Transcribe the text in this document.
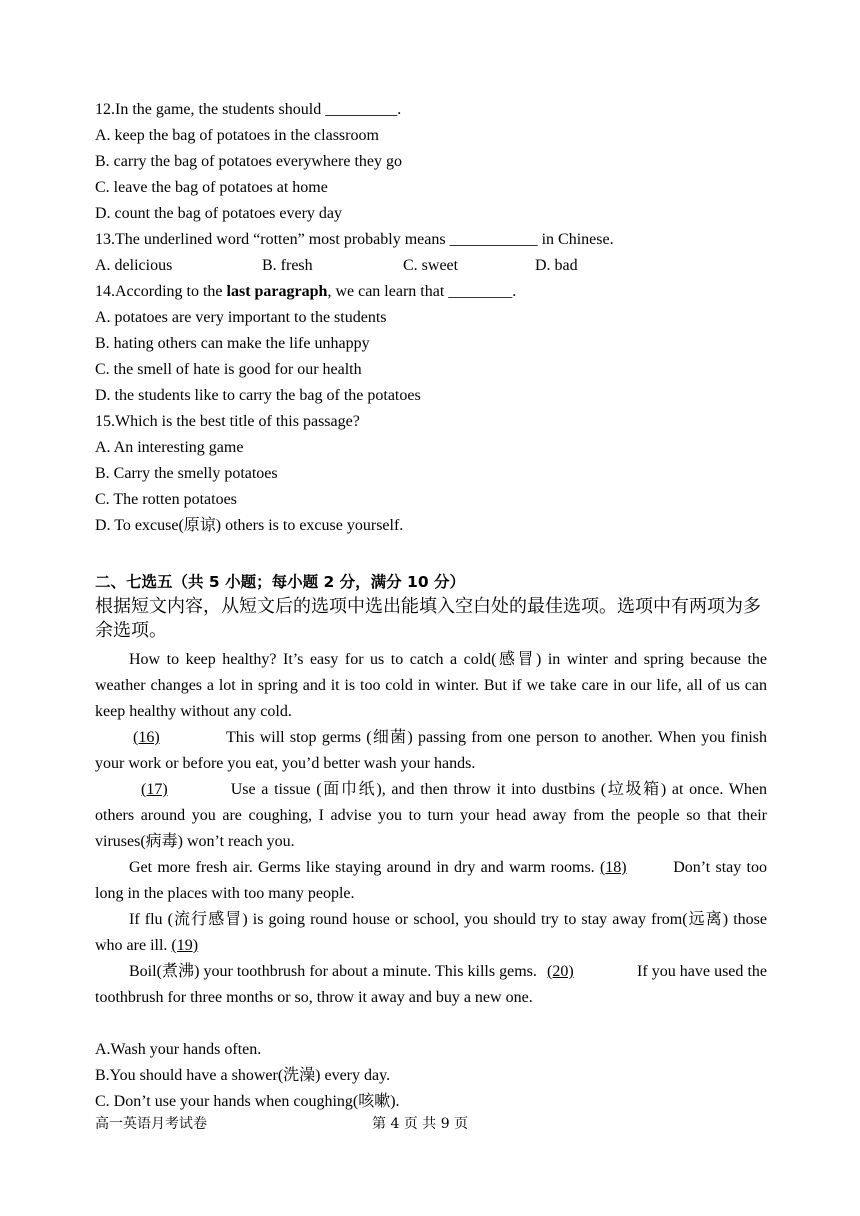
12.In the game, the students should _________.
A. keep the bag of potatoes in the classroom
B. carry the bag of potatoes everywhere they go
C. leave the bag of potatoes at home
D. count the bag of potatoes every day
13.The underlined word “rotten” most probably means ___________ in Chinese.
A. delicious	B. fresh	C. sweet	D. bad
14.According to the last paragraph, we can learn that ________.
A. potatoes are very important to the students
B. hating others can make the life unhappy
C. the smell of hate is good for our health
D. the students like to carry the bag of the potatoes
15.Which is the best title of this passage?
A. An interesting game
B. Carry the smelly potatoes
C. The rotten potatoes
D. To excuse(原谅) others is to excuse yourself.
二、七选五（共 5 小题；每小题 2 分，满分 10 分）
根据短文内容，从短文后的选项中选出能填入空白处的最佳选项。选项中有两项为多余选项。

How to keep healthy? It’s easy for us to catch a cold(感冒) in winter and spring because the weather changes a lot in spring and it is too cold in winter. But if we take care in our life, all of us can keep healthy without any cold.

(16)	This will stop germs (细菌) passing from one person to another. When you finish your work or before you eat, you’d better wash your hands.

(17)	Use a tissue (面巾纸), and then throw it into dustbins (垃圾箱) at once. When others around you are coughing, I advise you to turn your head away from the people so that their viruses(病毒) won’t reach you.

Get more fresh air. Germs like staying around in dry and warm rooms. (18)	Don’t stay too long in the places with too many people.

If flu (流行感冒) is going round house or school, you should try to stay away from(远离) those who are ill. (19)

Boil(煮沸) your toothbrush for about a minute. This kills gems. (20)	If you have used the toothbrush for three months or so, throw it away and buy a new one.

A.Wash your hands often.
B.You should have a shower(洗澡) every day.
C. Don’t use your hands when coughing(咳嗽).
高一英语月考试卷	第 4 页 共 9 页
